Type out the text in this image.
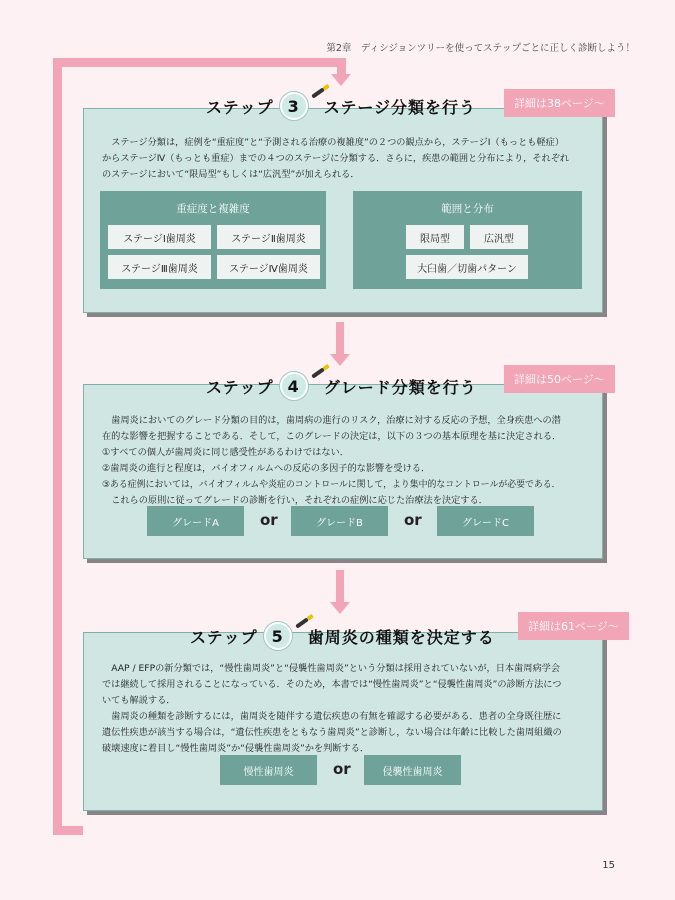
第2章　ディシジョンツリーを使ってステップごとに正しく診断しよう！

ステージ分類は，症例を“重症度”と“予測される治療の複雑度”の２つの観点から，ステージⅠ（もっとも軽症）

からステージⅣ（もっとも重症）までの４つのステージに分類する．さらに，疾患の範囲と分布により，それぞれ

のステージにおいて“限局型”もしくは“広汎型”が加えられる．

重症度と複雑度
ステージⅠ歯周炎	ステージⅡ歯周炎
ステージⅢ歯周炎	ステージⅣ歯周炎
範囲と分布
限局型	広汎型
大臼歯／切歯パターン
ステップ 3 ステージ分類を行う	詳細は38ページ〜

歯周炎においてのグレード分類の目的は，歯周病の進行のリスク，治療に対する反応の予想，全身疾患への潜

在的な影響を把握することである．そして，このグレードの決定は，以下の３つの基本原理を基に決定される．

①すべての個人が歯周炎に同じ感受性があるわけではない．

②歯周炎の進行と程度は，バイオフィルムへの反応の多因子的な影響を受ける．

③ある症例においては，バイオフィルムや炎症のコントロールに関して，より集中的なコントロールが必要である．

これらの原則に従ってグレードの診断を行い，それぞれの症例に応じた治療法を決定する．

グレードA	or	グレードB	or	グレードC
ステップ 4 グレード分類を行う	詳細は50ページ〜

AAP / EFPの新分類では，“慢性歯周炎”と“侵襲性歯周炎”という分類は採用されていないが，日本歯周病学会

では継続して採用されることになっている．そのため，本書では“慢性歯周炎”と“侵襲性歯周炎”の診断方法につ

いても解説する．

歯周炎の種類を診断するには，歯周炎を随伴する遺伝疾患の有無を確認する必要がある．患者の全身既往歴に

遺伝性疾患が該当する場合は，“遺伝性疾患をともなう歯周炎”と診断し，ない場合は年齢に比較した歯周組織の

破壊速度に着目し“慢性歯周炎”か“侵襲性歯周炎”かを判断する．

慢性歯周炎	or	侵襲性歯周炎
ステップ 5 歯周炎の種類を決定する
詳細は61ページ〜
15
